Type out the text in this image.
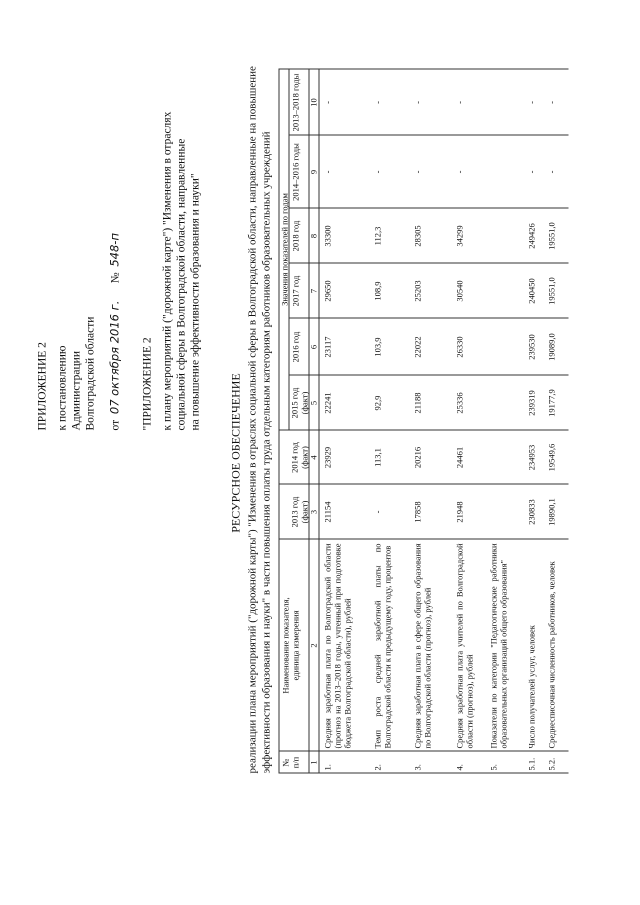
ПРИЛОЖЕНИЕ 2 к постановлению Администрации Волгоградской области от  07 октября 2016 г.      №  548-п
"ПРИЛОЖЕНИЕ 2 к плану мероприятий ("дорожной карте") "Изменения в отраслях социальной сферы в Волгоградской области, направленные на повышение эффективности образования и науки"
РЕСУРСНОЕ ОБЕСПЕЧЕНИЕ реализации плана мероприятий ("дорожной карты") "Изменения в отраслях социальной сферы в Волгоградской области, направленные на повышение эффективности образования и науки" в части повышения оплаты труда отдельным категориям работников образовательных учреждений № п/п
Наименование показателя, единица измерения
Значения показателей по годам
2013 год (факт)
2014 год (факт)
2015 год (факт)
2016 год
2017 год
2018 год
2014–2016 годы
2013–2018 годы
1
2
3
4
5
6
7
8
9
10
1.
Средняя заработная плата по Волгоградской области (прогноз на 2013–2018 годы, учтенный при подготовке бюджета Волгоградской области), рублей
21154
23929
22241
23117
29650
33300
-
-
2.
Темп роста средней заработной платы по Волгоградской области к предыдущему году, процентов
-
113,1
92,9
103,9
108,9
112,3
-
-
3.
Средняя заработная плата в сфере общего образования по Волгоградской области (прогноз), рублей
17858
20216
21188
22022
25203
28305
-
-
4.
Средняя заработная плата учителей по Волгоградской области (прогноз), рублей
21948
24461
25336
26330
30540
34299
-
-
5.
Показатели по категории "Педагогические работники образовательных организаций общего образования"
5.1.
Число получателей услуг, человек
230833
234953
239319
239530
240450
249426
-
-
5.2.
Среднесписочная численность работников, человек
19890,1
19549,6
19177,9
19089,0
19551,0
19551,0
-
-
